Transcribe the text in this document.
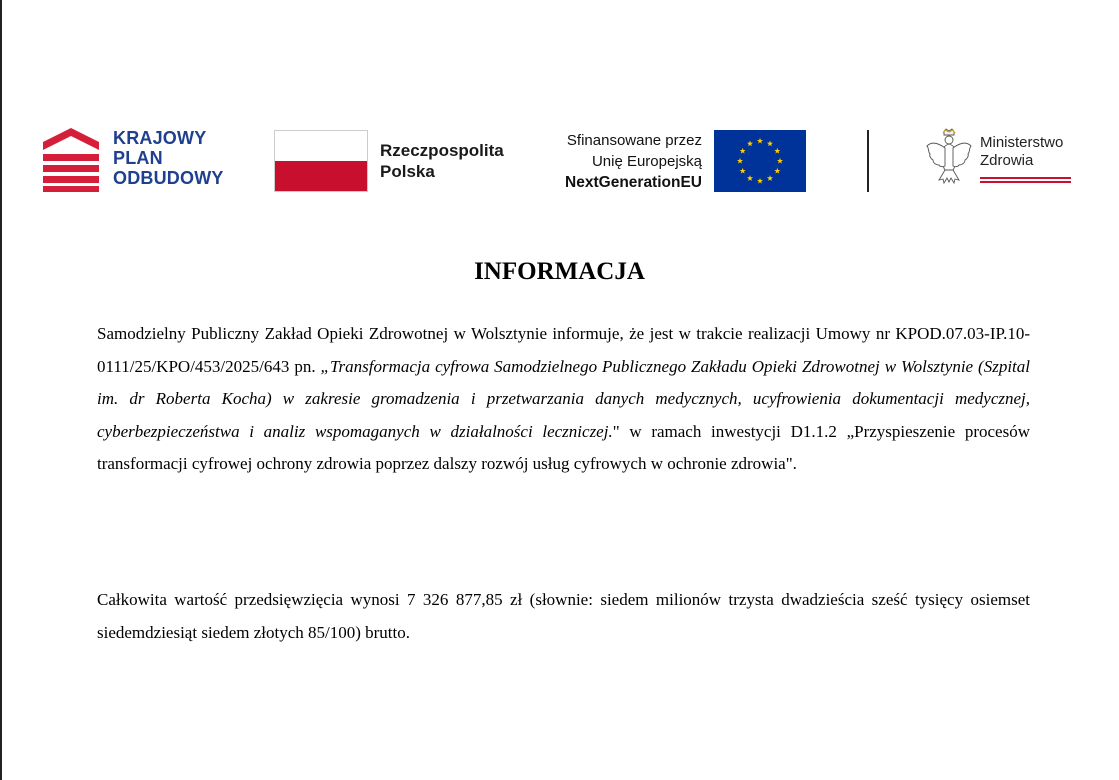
KRAJOWY
PLAN
ODBUDOWY
Rzeczpospolita
Polska
Sfinansowane przez
Unię Europejską
NextGenerationEU
Ministerstwo
Zdrowia
INFORMACJA
Samodzielny Publiczny Zakład Opieki Zdrowotnej w Wolsztynie informuje, że jest w trakcie realizacji Umowy nr KPOD.07.03-IP.10-0111/25/KPO/453/2025/643 pn. „Transformacja cyfrowa Samodzielnego Publicznego Zakładu Opieki Zdrowotnej w Wolsztynie (Szpital im. dr Roberta Kocha) w zakresie gromadzenia i przetwarzania danych medycznych, ucyfrowienia dokumentacji medycznej, cyberbezpieczeństwa i analiz wspomaganych w działalności leczniczej." w ramach inwestycji D1.1.2 „Przyspieszenie procesów transformacji cyfrowej ochrony zdrowia poprzez dalszy rozwój usług cyfrowych w ochronie zdrowia".
Całkowita wartość przedsięwzięcia wynosi 7 326 877,85 zł (słownie: siedem milionów trzysta dwadzieścia sześć tysięcy osiemset siedemdziesiąt siedem złotych 85/100) brutto.
